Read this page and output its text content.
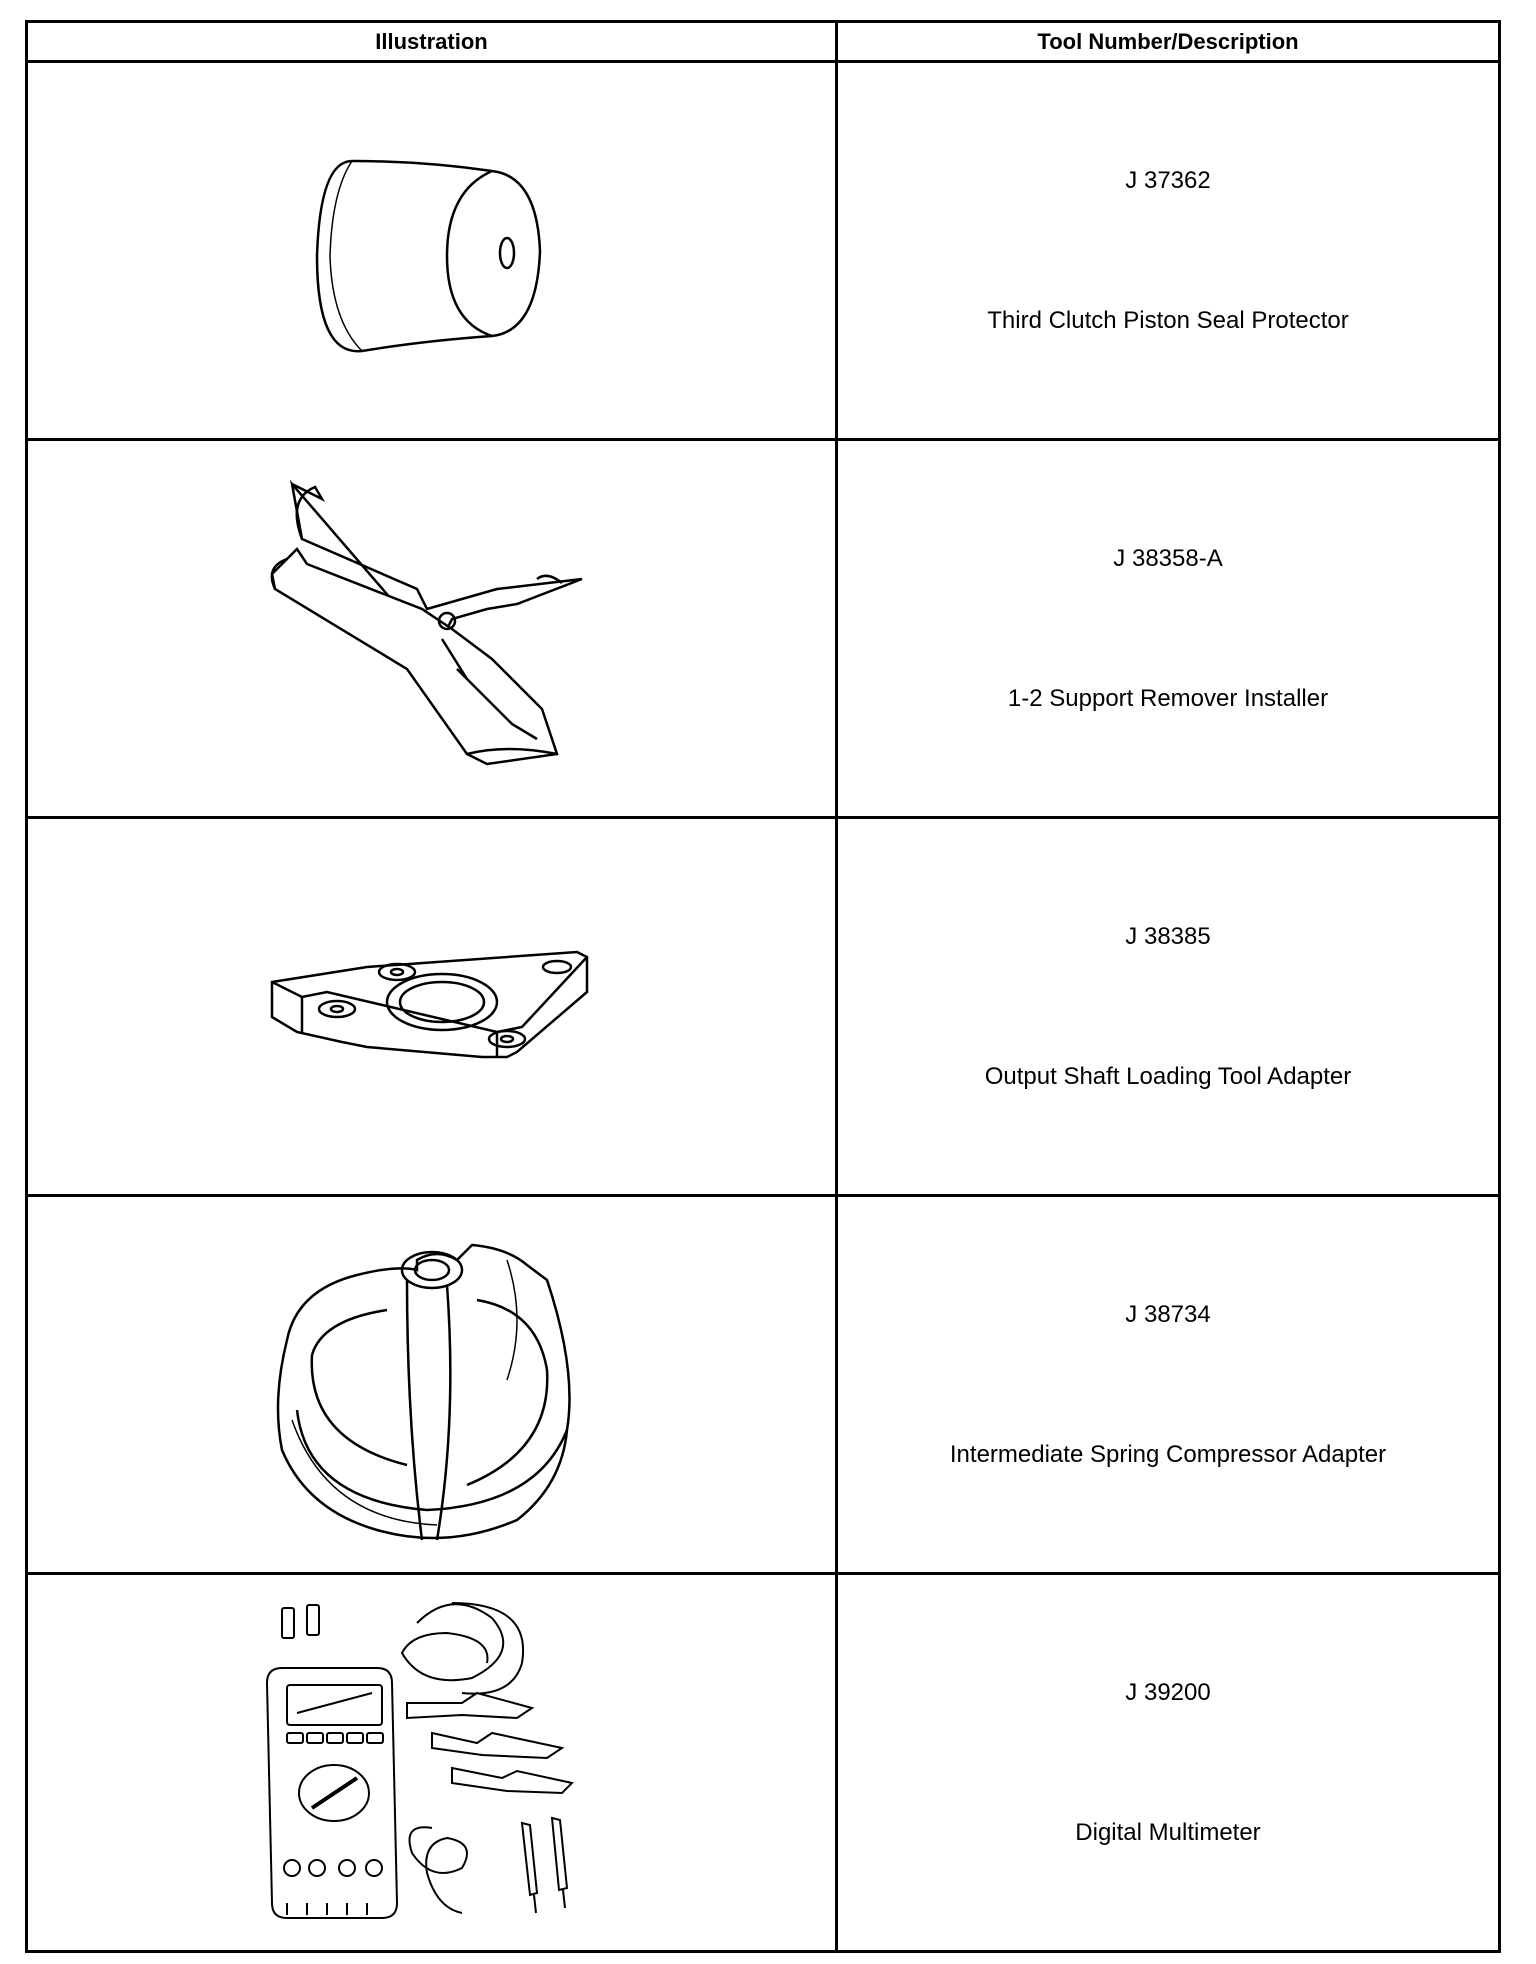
Illustration	Tool Number/Description

J 37362
Third Clutch Piston Seal Protector

J 38358-A
1-2 Support Remover Installer

J 38385
Output Shaft Loading Tool Adapter

J 38734
Intermediate Spring Compressor Adapter

J 39200
Digital Multimeter
